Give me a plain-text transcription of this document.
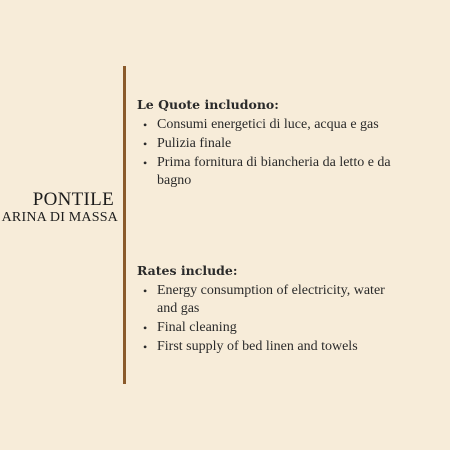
PONTILE
ARINA DI MASSA
Le Quote includono:
• Consumi energetici di luce, acqua e gas
• Pulizia finale
• Prima fornitura di biancheria da letto e da bagno
Rates include:
• Energy consumption of electricity, water and gas
• Final cleaning
• First supply of bed linen and towels
